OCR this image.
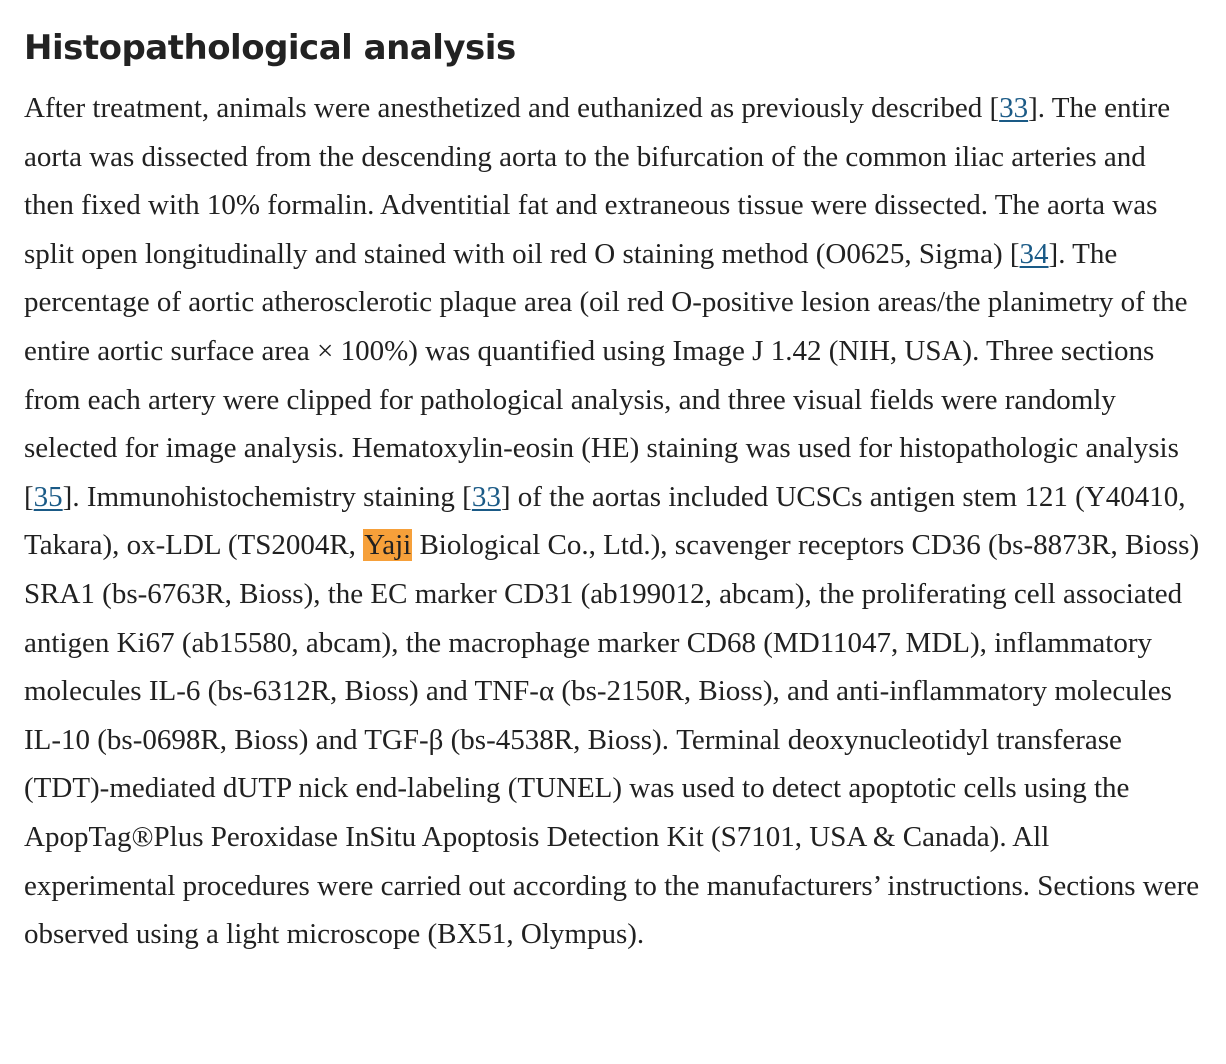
Histopathological analysis

After treatment, animals were anesthetized and euthanized as previously described [33]. The entire aorta was dissected from the descending aorta to the bifurcation of the common iliac arteries and then fixed with 10% formalin. Adventitial fat and extraneous tissue were dissected. The aorta was split open longitudinally and stained with oil red O staining method (O0625, Sigma) [34]. The percentage of aortic atherosclerotic plaque area (oil red O-positive lesion areas/the planimetry of the entire aortic surface area × 100%) was quantified using Image J 1.42 (NIH, USA). Three sections from each artery were clipped for pathological analysis, and three visual fields were randomly selected for image analysis. Hematoxylin-eosin (HE) staining was used for histopathologic analysis [35]. Immunohistochemistry staining [33] of the aortas included UCSCs antigen stem 121 (Y40410, Takara), ox-LDL (TS2004R, Yaji Biological Co., Ltd.), scavenger receptors CD36 (bs-8873R, Bioss) SRA1 (bs-6763R, Bioss), the EC marker CD31 (ab199012, abcam), the proliferating cell associated antigen Ki67 (ab15580, abcam), the macrophage marker CD68 (MD11047, MDL), inflammatory molecules IL-6 (bs-6312R, Bioss) and TNF-α (bs-2150R, Bioss), and anti-inflammatory molecules IL-10 (bs-0698R, Bioss) and TGF-β (bs-4538R, Bioss). Terminal deoxynucleotidyl transferase (TDT)-mediated dUTP nick end-labeling (TUNEL) was used to detect apoptotic cells using the ApopTag®Plus Peroxidase InSitu Apoptosis Detection Kit (S7101, USA & Canada). All experimental procedures were carried out according to the manufacturers’ instructions. Sections were observed using a light microscope (BX51, Olympus).
